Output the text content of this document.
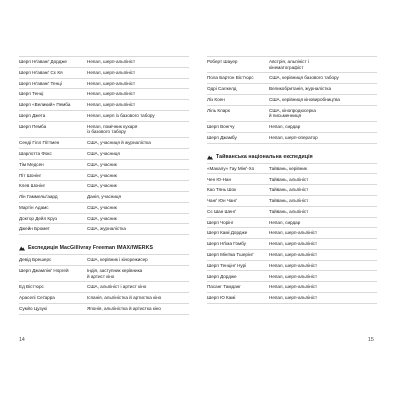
Шерп Нґаванґ Дордже	Непал, шерп-альпініст
Шерп Нґаванґ Сє Кя	Непал, шерп-альпініст
Шерп Нґаванґ Тенці	Непал, шерп-альпініст
Шерп Тенці	Непал, шерп-альпініст
Шерп «Великий» Пемба	Непал, шерп-альпініст
Шерп Джета	Непал, шерп із базового табору
Шерп Пемба	Непал, помічник кухаря
із базового табору
Сенді Гілл Піттмен	США, учасниця й журналістка
Шарлотта Фокс	США, учасниця
Тім Медсен	США, учасник
Піт Шонінг	США, учасник
Клев Шонінг	США, учасник
Лін Гаммельґаард	Данія, учасниця
Мартін Адамс	США, учасник
Доктор Дейл Круз	США, учасник
Джейн Бромет	США, журналістка
Експедиція MacGillivray Freeman IMAX/IWERKS
Девід Брешерс	США, керівник і кінорежисер
Шерп Джамлінґ Норгей	Індія, заступник керівника
й артист кіно
Ед Віст’юрс	США, альпініст і артист кіно
Араселі Сеґарра	Іспанія, альпіністка й артистка кіно
Суміїо Цузукі	Японія, альпіністка й артистка кіно
Роберт Шауер	Австрія, альпініст і
кінематографіст
Пола Бартон Віст’юрс	США, керівниця базового табору
Одрі Салкелд	Великобританія, журналістка
Ліз Коен	США, керівниця кіновиробництва
Ліль Кларк	США, кінопродюсерка
й письменниця
Шерп Вонгчу	Непал, сирдар
Шерп Джамбу	Непал, шерп-оператор
Тайванська національна експедиція
«Макалу» Гау Мінґ-Хо	Тайвань, керівник
Чен Ю-Нан	Тайвань, альпініст
Као Тянь Шок	Тайвань, альпініст
Чанґ Юн Чанґ	Тайвань, альпініст
Сє Шан Шенґ	Тайвань, альпініст
Шерп Чорінг	Непал, сирдар
Шерп Камі Дордже	Непал, шерп-альпініст
Шерп Нґіма Гомбу	Непал, шерп-альпініст
Шерп Мінґма Тшерінґ	Непал, шерп-альпініст
Шерп Тенцінґ Нурі	Непал, шерп-альпініст
Шерп Дордже	Непал, шерп-альпініст
Пасанг Тамданг	Непал, шерп-альпініст
Шерп Ю Камі	Непал, шерп-альпініст
14	15
